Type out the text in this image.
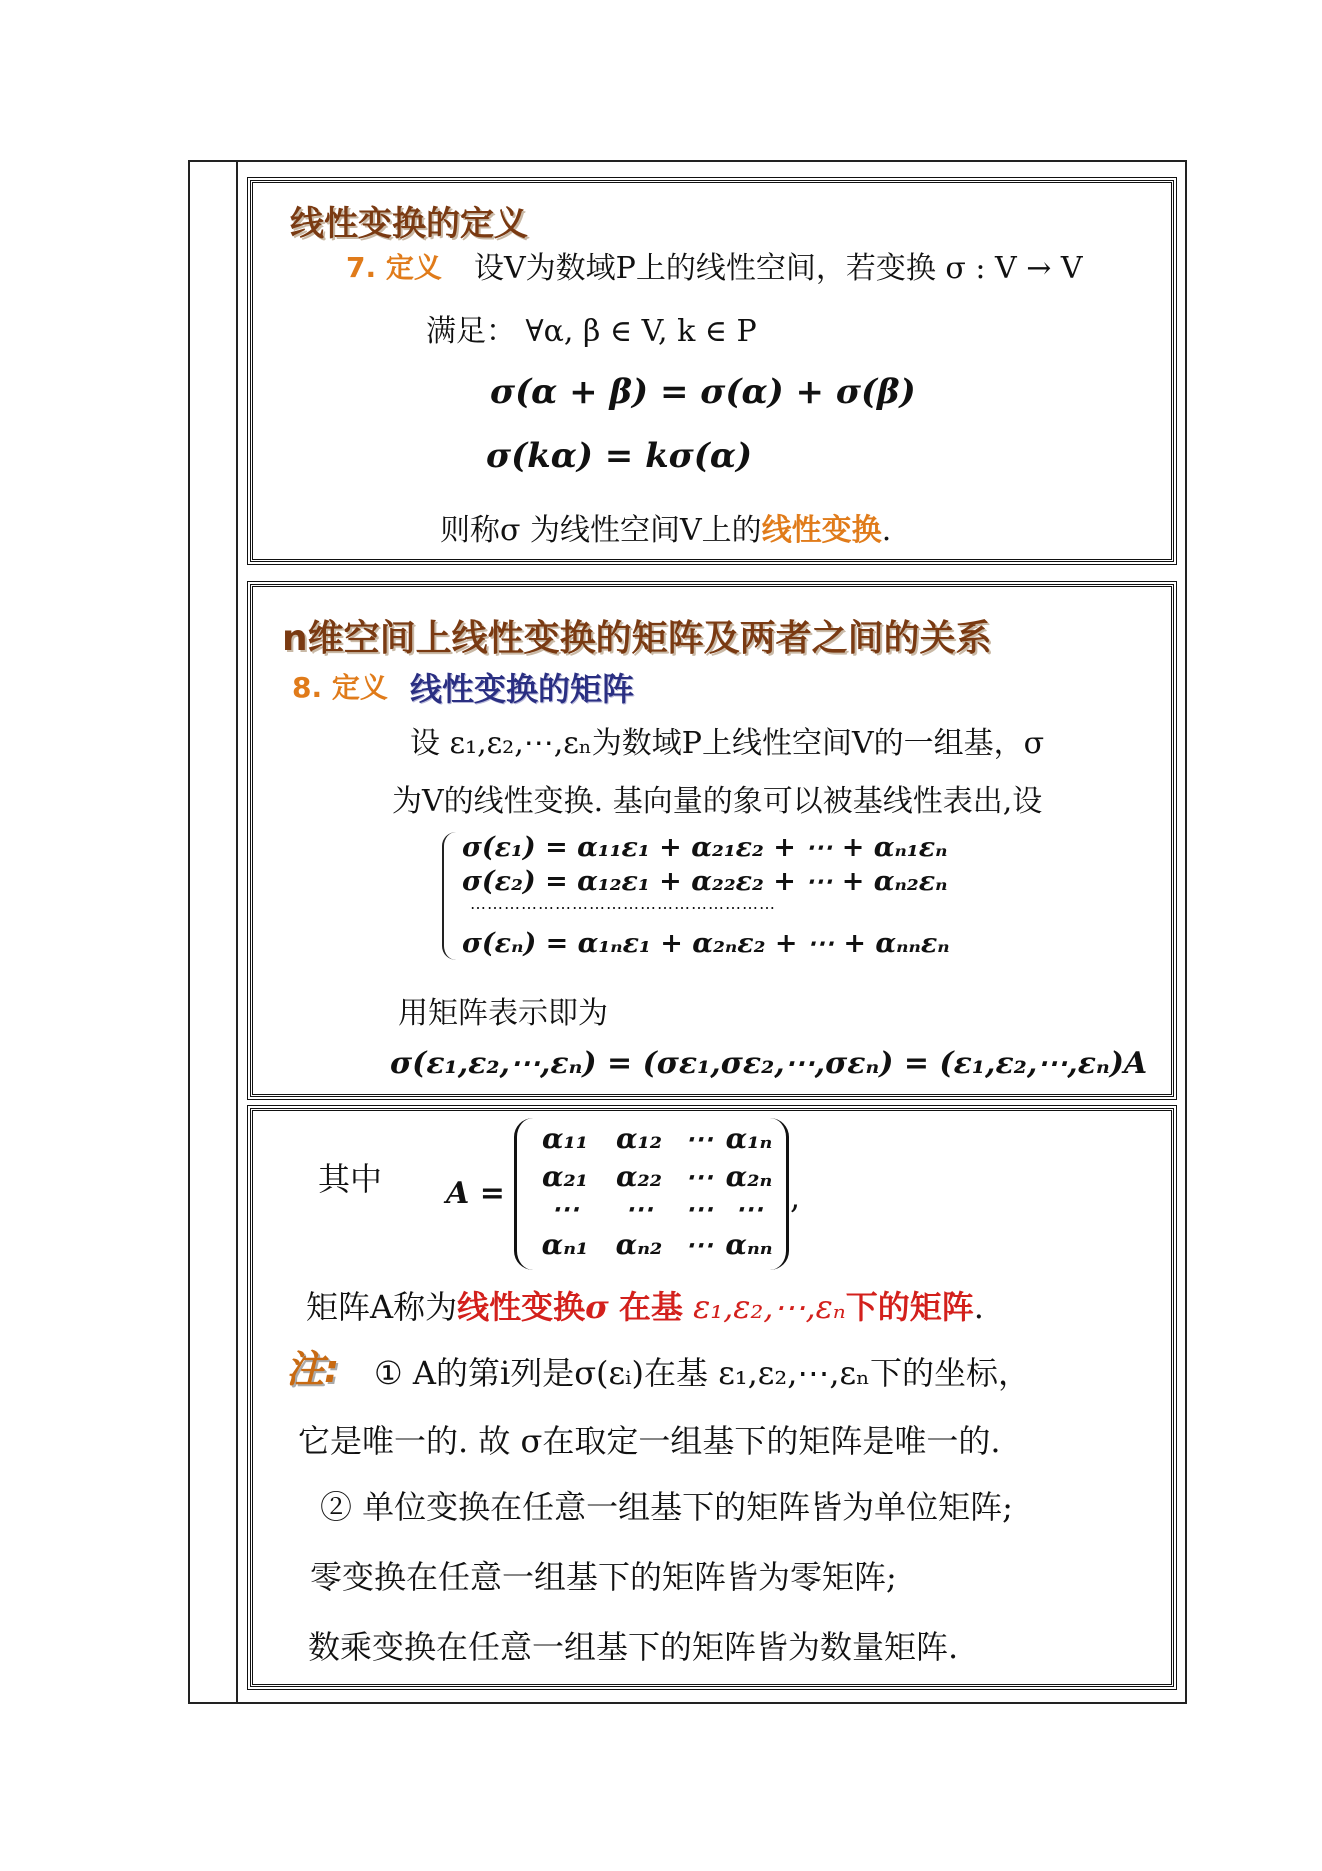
线性变换的定义
7. 定义 设V为数域P上的线性空间，若变换 σ : V → V
满足： ∀α, β ∈ V, k ∈ P
σ(α + β) = σ(α) + σ(β)
σ(kα) = kσ(α)
则称σ 为线性空间V上的线性变换.
n维空间上线性变换的矩阵及两者之间的关系
8. 定义 线性变换的矩阵
设 ε₁,ε₂,⋯,εₙ为数域P上线性空间V的一组基，σ
为V的线性变换. 基向量的象可以被基线性表出,设
σ(ε₁) = α₁₁ε₁ + α₂₁ε₂ + ⋯ + αₙ₁εₙ
σ(ε₂) = α₁₂ε₁ + α₂₂ε₂ + ⋯ + αₙ₂εₙ
⋯⋯⋯⋯⋯⋯⋯⋯⋯⋯⋯⋯⋯⋯⋯⋯⋯⋯
σ(εₙ) = α₁ₙε₁ + α₂ₙε₂ + ⋯ + αₙₙεₙ
用矩阵表示即为
σ(ε₁,ε₂,⋯,εₙ) = (σε₁,σε₂,⋯,σεₙ) = (ε₁,ε₂,⋯,εₙ)A
其中 A =
α₁₁ α₁₂ ⋯ α₁ₙ
α₂₁ α₂₂ ⋯ α₂ₙ
⋯	⋯	⋯ ⋯
αₙ₁ αₙ₂ ⋯ αₙₙ
,
矩阵A称为线性变换σ 在基 ε₁,ε₂,⋯,εₙ下的矩阵.
注: ① A的第i列是σ(εᵢ)在基 ε₁,ε₂,⋯,εₙ下的坐标，
它是唯一的. 故 σ在取定一组基下的矩阵是唯一的.
② 单位变换在任意一组基下的矩阵皆为单位矩阵;
零变换在任意一组基下的矩阵皆为零矩阵;
数乘变换在任意一组基下的矩阵皆为数量矩阵.
